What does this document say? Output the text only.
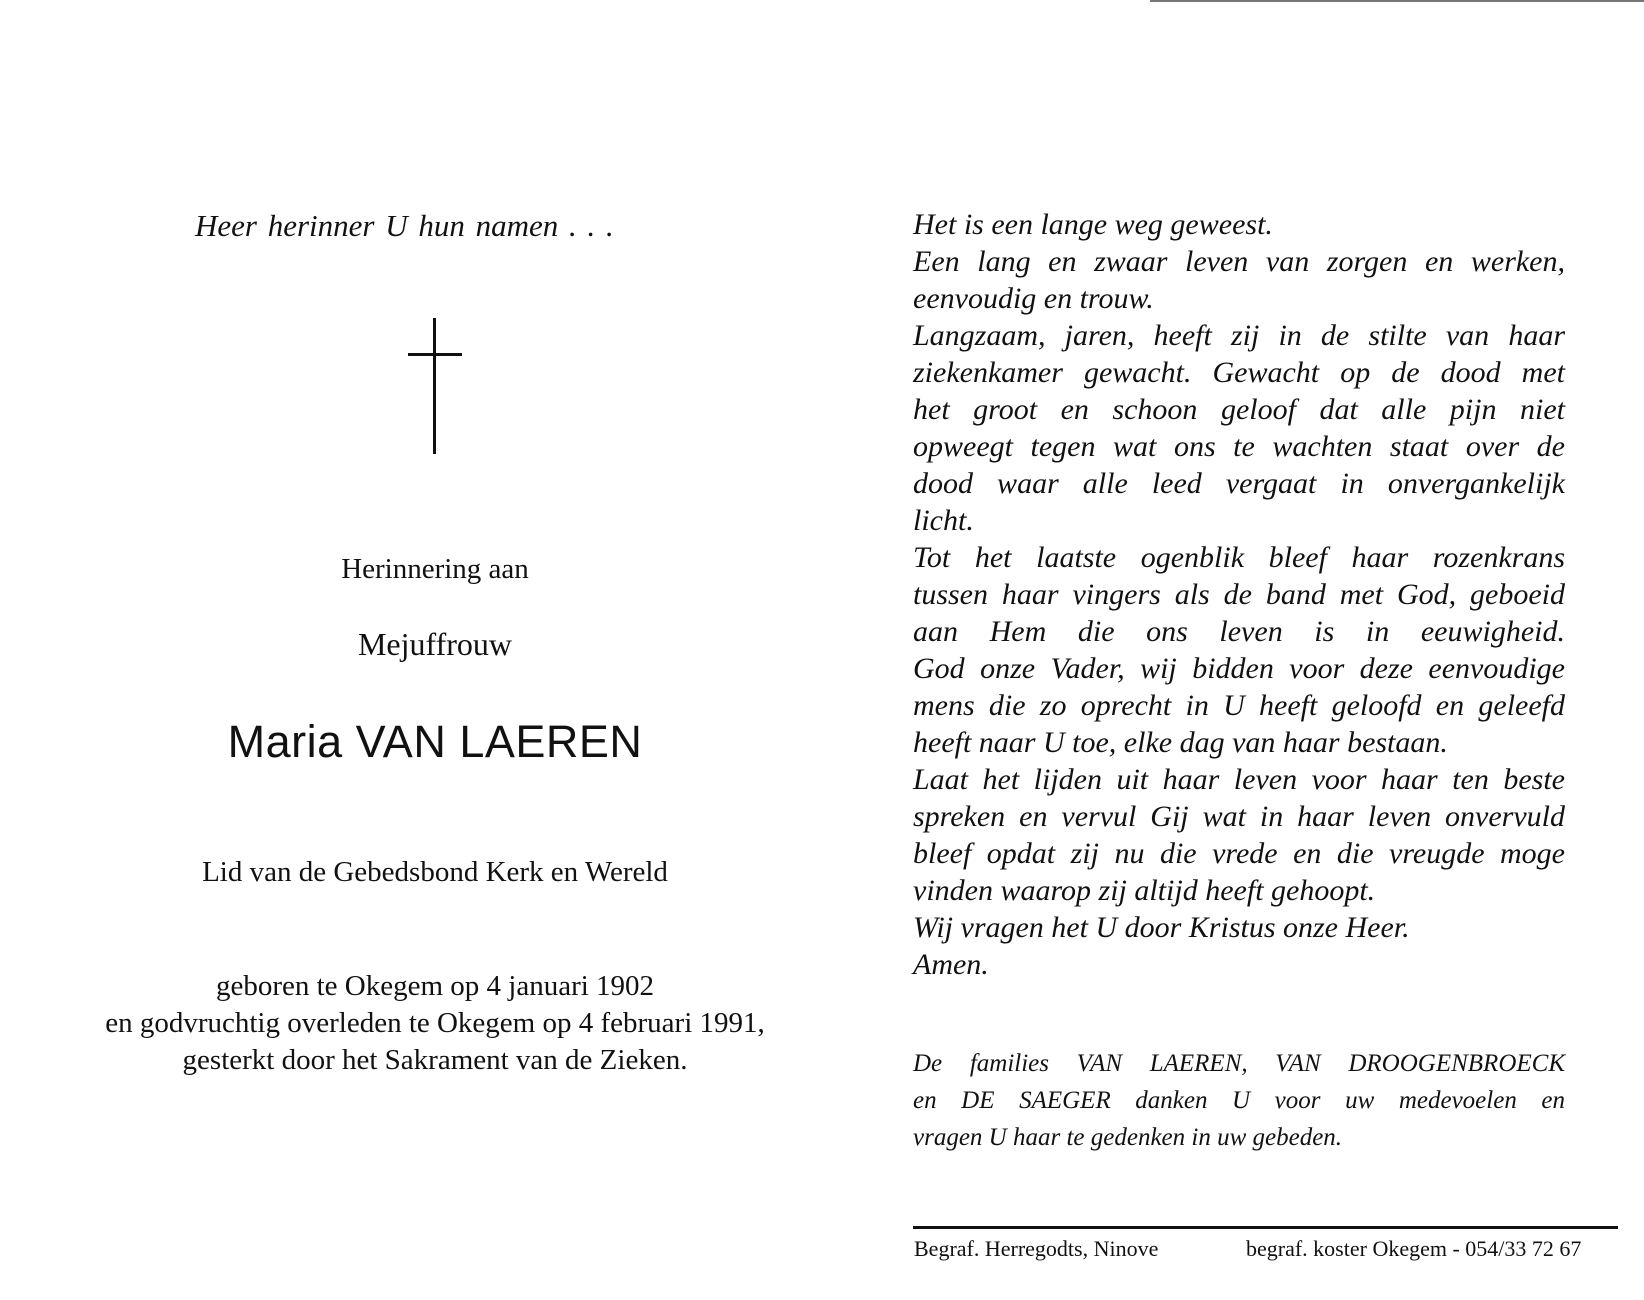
Heer herinner U hun namen . . .
Herinnering aan
Mejuffrouw
Maria VAN LAEREN
Lid van de Gebedsbond Kerk en Wereld
geboren te Okegem op 4 januari 1902
en godvruchtig overleden te Okegem op 4 februari 1991,
gesterkt door het Sakrament van de Zieken.
Het is een lange weg geweest.
Een lang en zwaar leven van zorgen en werken,
eenvoudig en trouw.
Langzaam, jaren, heeft zij in de stilte van haar
ziekenkamer gewacht. Gewacht op de dood met
het groot en schoon geloof dat alle pijn niet
opweegt tegen wat ons te wachten staat over de
dood waar alle leed vergaat in onvergankelijk
licht.
Tot het laatste ogenblik bleef haar rozenkrans
tussen haar vingers als de band met God, geboeid
aan Hem die ons leven is in eeuwigheid.
God onze Vader, wij bidden voor deze eenvoudige
mens die zo oprecht in U heeft geloofd en geleefd
heeft naar U toe, elke dag van haar bestaan.
Laat het lijden uit haar leven voor haar ten beste
spreken en vervul Gij wat in haar leven onvervuld
bleef opdat zij nu die vrede en die vreugde moge
vinden waarop zij altijd heeft gehoopt.
Wij vragen het U door Kristus onze Heer.
Amen.
De families VAN LAEREN, VAN DROOGENBROECK
en DE SAEGER danken U voor uw medevoelen en
vragen U haar te gedenken in uw gebeden.
Begraf. Herregodts, Ninove	begraf. koster Okegem - 054/33 72 67
